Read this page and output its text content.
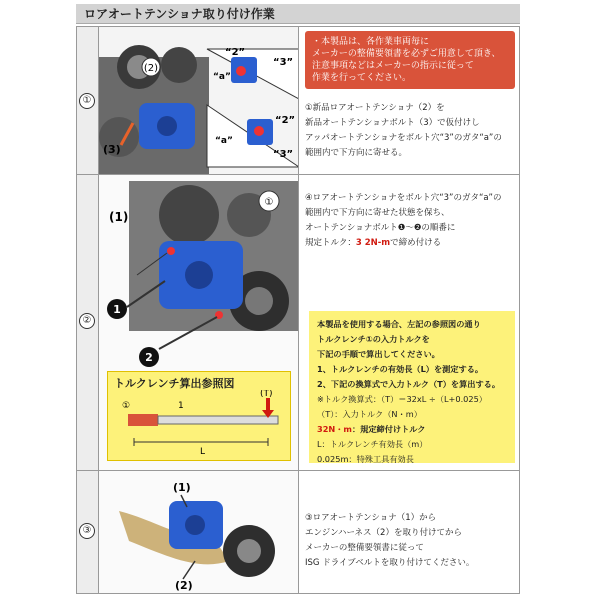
ロアオートテンショナ取り付け作業
①
(2)
(3)
“2”
“3”
“a”
“2”
“a”
“3”
・本製品は、各作業車両毎に
メーカーの整備要領書を必ずご用意して頂き、
注意事項などはメーカーの指示に従って
作業を行ってください。
①新品ロアオートテンショナ（2）を
新品オートテンショナボルト（3）で仮付けし
アッパオートテンショナをボルト穴“3”のガタ“a”の
範囲内で下方向に寄せる。
②
①
(1)
1
2
トルクレンチ算出参照図
(T)
①	1
L
④ロアオートテンショナをボルト穴“3”のガタ“a”の
範囲内で下方向に寄せた状態を保ち、
オートテンショナボルト❶～❷の順番に
規定トルク：3 2N-mで締め付ける
本製品を使用する場合、左記の参照図の通り
トルクレンチ①の入力トルクを
下記の手順で算出してください。
1、トルクレンチの有効長（L）を測定する。
2、下記の換算式で入力トルク（T）を算出する。
※トルク換算式：（T）＝32xL ÷（L+0.025）
（T）：入力トルク（N・m）
32N・m：規定締付けトルク
L：トルクレンチ有効長（m）
0.025m：特殊工具有効長
③
(1)
(2)
③ロアオートテンショナ（1）から
エンジンハーネス（2）を取り付けてから
メーカーの整備要領書に従って
ISG ドライブベルトを取り付けてください。
